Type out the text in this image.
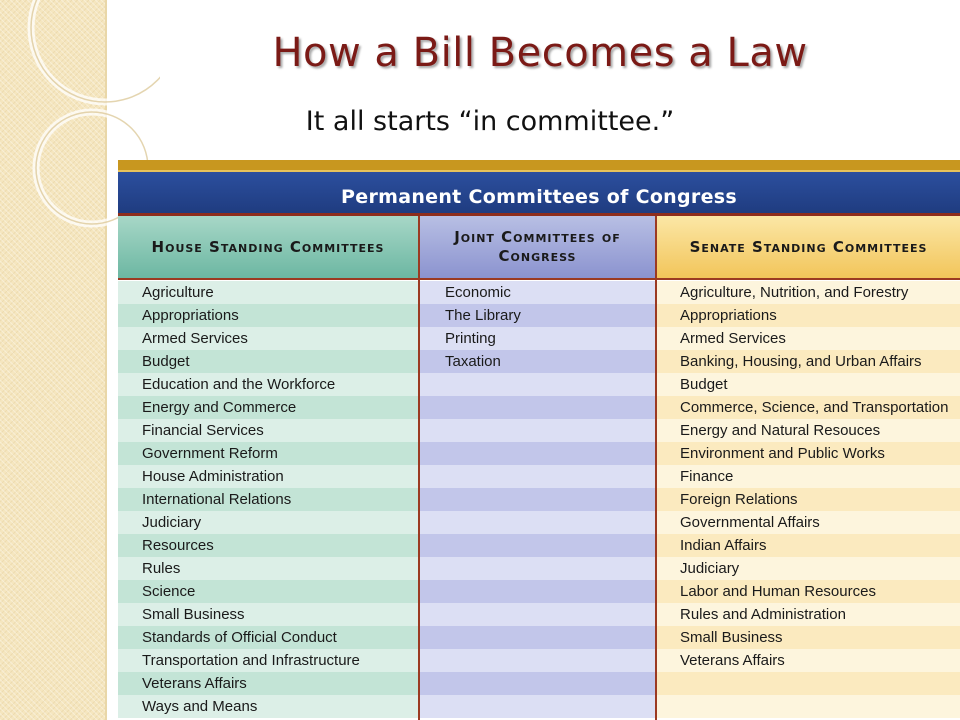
How a Bill Becomes a Law
It all starts “in committee.”
Permanent Committees of Congress
House Standing Committees
Joint Committees of Congress
Senate Standing Committees
Agriculture
Appropriations
Armed Services
Budget
Education and the Workforce
Energy and Commerce
Financial Services
Government Reform
House Administration
International Relations
Judiciary
Resources
Rules
Science
Small Business
Standards of Official Conduct
Transportation and Infrastructure
Veterans Affairs
Ways and Means
Economic
The Library
Printing
Taxation
Agriculture, Nutrition, and Forestry
Appropriations
Armed Services
Banking, Housing, and Urban Affairs
Budget
Commerce, Science, and Transportation
Energy and Natural Resouces
Environment and Public Works
Finance
Foreign Relations
Governmental Affairs
Indian Affairs
Judiciary
Labor and Human Resources
Rules and Administration
Small Business
Veterans Affairs
